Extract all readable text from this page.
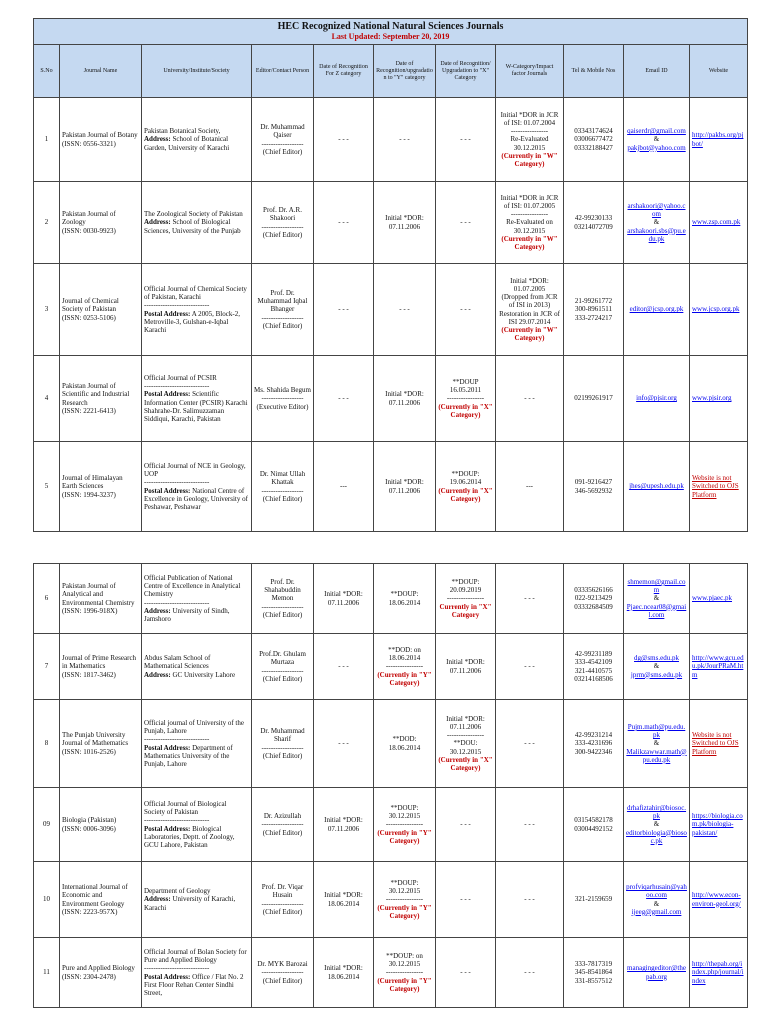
HEC Recognized National Natural Sciences Journals
Last Updated: September 20, 2019										

S.No	Journal Name	University/Institute/Society	Editor/Contact Person	Date of Recognition For Z category	Date of Recognition/upgradation to "Y" category	Date of Recognition/ Upgradation to "X" Category	W-Category/Impact factor Journals	Tel & Mobile Nos	Email ID	Website

1	Pakistan Journal of Botany
(ISSN: 0556-3321)	Pakistan Botanical Society,
Address: School of Botanical Garden, University of Karachi	Dr. Muhammad Qaiser
------------------
(Chief Editor)	- - -	- - -	- - -	Initial *DOR in JCR of ISI: 01.07.2004
----------------
Re-Evaluated 30.12.2015
(Currently in "W" Category)	03343174624
03006677472
03332188427	qaiserdr@gmail.com
&
pakjbot@yahoo.com	http://pakbs.org/pjbot/

2	Pakistan Journal of Zoology
(ISSN: 0030-9923)	The Zoological Society of Pakistan
Address: School of Biological Sciences, University of the Punjab	Prof. Dr. A.R. Shakoori
------------------
(Chief Editor)	- - -	Initial *DOR: 07.11.2006	- - -	Initial *DOR in JCR of ISI: 01.07.2005
----------------
Re-Evaluated on 30.12.2015
(Currently in "W" Category)	42-99230133
03214072709	arshakoori@yahoo.com
&
arshakoori.sbs@pu.edu.pk	www.zsp.com.pk

3	Journal of Chemical Society of Pakistan
(ISSN: 0253-5106)	Official Journal of Chemical Society of Pakistan, Karachi
----------------------------
Postal Address: A 2005, Block-2, Metroville-3, Gulshan-e-Iqbal Karachi	Prof. Dr. Muhammad Iqbal Bhanger
------------------
(Chief Editor)	- - -	- - -	- - -	Initial *DOR: 01.07.2005
(Dropped from JCR of ISI in 2013) Restoration in JCR of ISI 29.07.2014
(Currently in "W" Category)	21-99261772
300-8961511
333-2724217	editor@jcsp.org.pk	www.jcsp.org.pk

4	Pakistan Journal of Scientific and Industrial Research
(ISSN: 2221-6413)	Official Journal of PCSIR
----------------------------
Postal Address: Scientific Information Center (PCSIR) Karachi Shahrahe-Dr. Salimuzzaman Siddiqui, Karachi, Pakistan	Ms. Shahida Begum
------------------
(Executive Editor)	- - -	Initial *DOR: 07.11.2006	**DOUP 16.05.2011
----------------
(Currently in "X" Category)	- - -	02199261917	info@pjsir.org	www.pjsir.org

5	Journal of Himalayan Earth Sciences
(ISSN: 1994-3237)	Official Journal of NCE in Geology, UOP
----------------------------
Postal Address: National Centre of Excellence in Geology, University of Peshawar, Peshawar	Dr. Nimat Ullah Khattak
------------------
(Chief Editor)	---	Initial *DOR: 07.11.2006	**DOUP: 19.06.2014
(Currently in "X" Category)	---	091-9216427
346-5692932	jhes@upesh.edu.pk	Website is not Switched to OJS Platform
6	Pakistan Journal of Analytical and Environmental Chemistry
(ISSN: 1996-918X)	Official Publication of National Centre of Excellence in Analytical Chemistry
----------------------------
Address: University of Sindh, Jamshoro	Prof. Dr. Shahabuddin Memon
------------------
(Chief Editor)	Initial *DOR: 07.11.2006	**DOUP: 18.06.2014	**DOUP: 20.09.2019
----------------
Currently in "X" Category	- - -	03335626166
022-9213429
03332684509	shmemon@gmail.com
&
Pjaec.ncear08@gmail.com	www.pjaec.pk

7	Journal of Prime Research in Mathematics
(ISSN: 1817-3462)	Abdus Salam School of Mathematical Sciences
Address: GC University Lahore	Prof.Dr. Ghulam Murtaza
------------------
(Chief Editor)	- - -	**DOD: on 18.06.2014
----------------
(Currently in "Y" Category)	Initial *DOR: 07.11.2006	- - -	42-99231189
333-4542109
321-4410575
03214168506	dg@sms.edu.pk
&
jprm@sms.edu.pk	http://www.gcu.edu.pk/JourPRaM.htm

8	The Punjab University Journal of Mathematics
(ISSN: 1016-2526)	Official journal of University of the Punjab, Lahore
----------------------------
Postal Address: Department of Mathematics University of the Punjab, Lahore	Dr. Muhammad Sharif
------------------
(Chief Editor)	- - -	**DOD: 18.06.2014	Initial *DOR: 07.11.2006
----------------
**DOU: 30.12.2015
(Currently in "X" Category)	- - -	42-99231214
333-4231696
300-9422346	Pujm.math@pu.edu.pk
&
Malikzawwar.math@pu.edu.pk	Website is not Switched to OJS Platform

09	Biologia (Pakistan)
(ISSN: 0006-3096)	Official Journal of Biological Society of Pakistan
----------------------------
Postal Address: Biological Laboratories, Deptt. of Zoology, GCU Lahore, Pakistan	Dr. Azizullah
------------------
(Chief Editor)	Initial *DOR: 07.11.2006	**DOUP: 30.12.2015
----------------
(Currently in "Y" Category)	- - -	- - -	03154582178
03004492152	drhafiztahir@biosoc.pk
&
editorbiologia@biosoc.pk	https://biologia.com.pk/biologia-pakistan/

10	International Journal of Economic and Environment Geology
(ISSN: 2223-957X)	Department of Geology
Address: University of Karachi, Karachi	Prof. Dr. Viqar Husain
------------------
(Chief Editor)	Initial *DOR: 18.06.2014	**DOUP: 30.12.2015
----------------
(Currently in "Y" Category)	- - -	- - -	321-2159659	profviqarhusain@yahoo.com
&
ijeeg@gmail.com	http://www.econ-environ-geol.org/

11	Pure and Applied Biology
(ISSN: 2304-2478)	Official Journal of Bolan Society for Pure and Applied Biology
----------------------------
Postal Address: Office / Flat No. 2 First Floor Rehan Center Sindhi Street,	Dr. MYK Barozai
------------------
(Chief Editor)	Initial *DOR: 18.06.2014	**DOUP: on 30.12.2015
----------------
(Currently in "Y" Category)	- - -	- - -	333-7817319
345-8541864
331-8557512	managingeditor@thepab.org	http://thepab.org/index.php/journal/index
